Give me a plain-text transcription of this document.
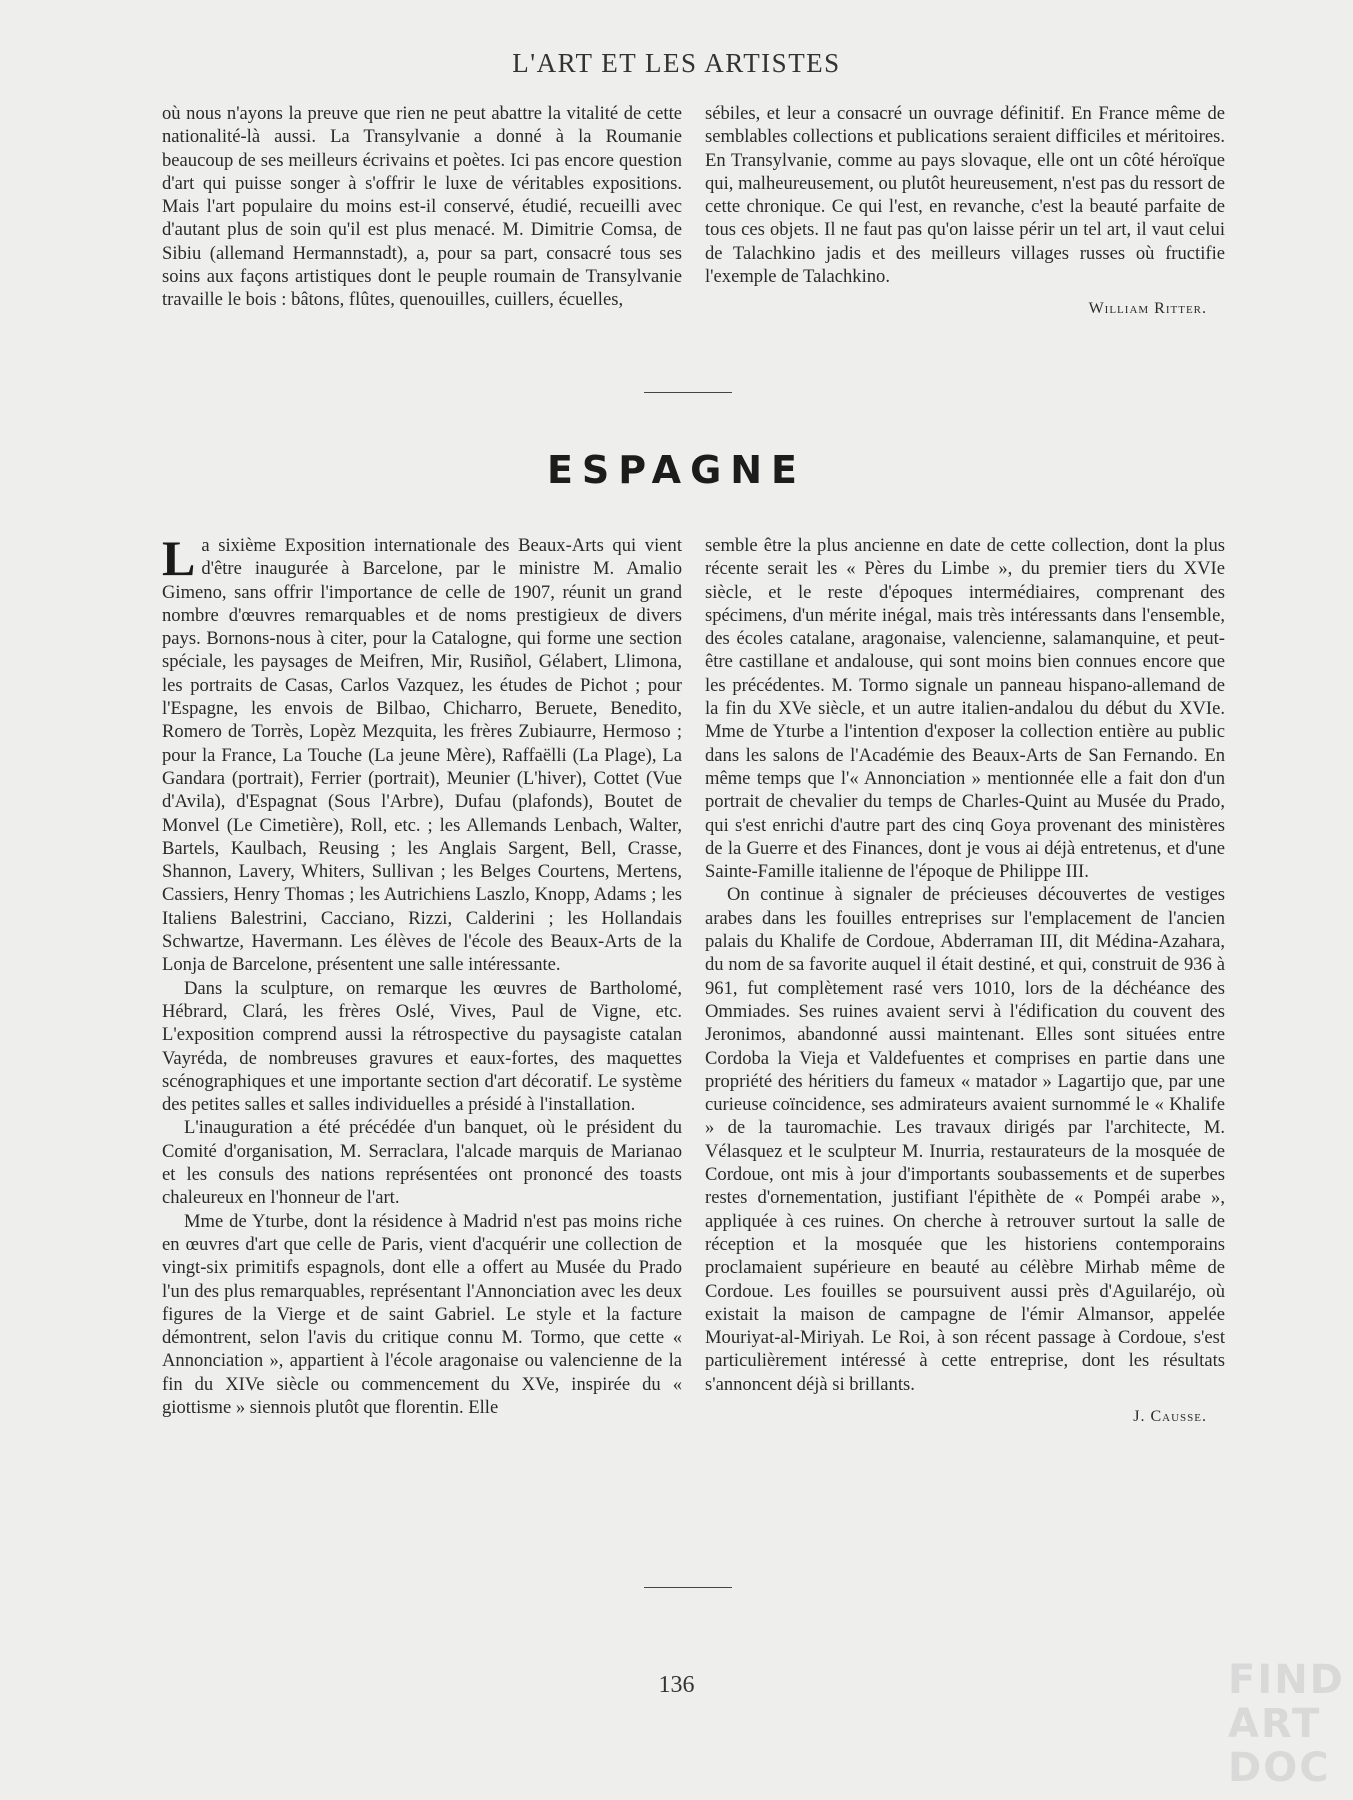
L'ART ET LES ARTISTES

où nous n'ayons la preuve que rien ne peut abattre la vitalité de cette nationalité-là aussi. La Transylvanie a donné à la Roumanie beaucoup de ses meilleurs écrivains et poètes. Ici pas encore question d'art qui puisse songer à s'offrir le luxe de véritables expositions. Mais l'art populaire du moins est-il conservé, étudié, recueilli avec d'autant plus de soin qu'il est plus menacé. M. Dimitrie Comsa, de Sibiu (allemand Hermannstadt), a, pour sa part, consacré tous ses soins aux façons artistiques dont le peuple roumain de Transylvanie travaille le bois : bâtons, flûtes, quenouilles, cuillers, écuelles,

sébiles, et leur a consacré un ouvrage définitif. En France même de semblables collections et publications seraient difficiles et méritoires. En Transylvanie, comme au pays slovaque, elle ont un côté héroïque qui, malheureusement, ou plutôt heureusement, n'est pas du ressort de cette chronique. Ce qui l'est, en revanche, c'est la beauté parfaite de tous ces objets. Il ne faut pas qu'on laisse périr un tel art, il vaut celui de Talachkino jadis et des meilleurs villages russes où fructifie l'exemple de Talachkino.

William Ritter.

ESPAGNE

La sixième Exposition internationale des Beaux-Arts qui vient d'être inaugurée à Barcelone, par le ministre M. Amalio Gimeno, sans offrir l'importance de celle de 1907, réunit un grand nombre d'œuvres remarquables et de noms prestigieux de divers pays. Bornons-nous à citer, pour la Catalogne, qui forme une section spéciale, les paysages de Meifren, Mir, Rusiñol, Gélabert, Llimona, les portraits de Casas, Carlos Vazquez, les études de Pichot ; pour l'Espagne, les envois de Bilbao, Chicharro, Beruete, Benedito, Romero de Torrès, Lopèz Mezquita, les frères Zubiaurre, Hermoso ; pour la France, La Touche (La jeune Mère), Raffaëlli (La Plage), La Gandara (portrait), Ferrier (portrait), Meunier (L'hiver), Cottet (Vue d'Avila), d'Espagnat (Sous l'Arbre), Dufau (plafonds), Boutet de Monvel (Le Cimetière), Roll, etc. ; les Allemands Lenbach, Walter, Bartels, Kaulbach, Reusing ; les Anglais Sargent, Bell, Crasse, Shannon, Lavery, Whiters, Sullivan ; les Belges Courtens, Mertens, Cassiers, Henry Thomas ; les Autrichiens Laszlo, Knopp, Adams ; les Italiens Balestrini, Cacciano, Rizzi, Calderini ; les Hollandais Schwartze, Havermann. Les élèves de l'école des Beaux-Arts de la Lonja de Barcelone, présentent une salle intéressante.

Dans la sculpture, on remarque les œuvres de Bartholomé, Hébrard, Clará, les frères Oslé, Vives, Paul de Vigne, etc. L'exposition comprend aussi la rétrospective du paysagiste catalan Vayréda, de nombreuses gravures et eaux-fortes, des maquettes scénographiques et une importante section d'art décoratif. Le système des petites salles et salles individuelles a présidé à l'installation.

L'inauguration a été précédée d'un banquet, où le président du Comité d'organisation, M. Serraclara, l'alcade marquis de Marianao et les consuls des nations représentées ont prononcé des toasts chaleureux en l'honneur de l'art.

Mme de Yturbe, dont la résidence à Madrid n'est pas moins riche en œuvres d'art que celle de Paris, vient d'acquérir une collection de vingt-six primitifs espagnols, dont elle a offert au Musée du Prado l'un des plus remarquables, représentant l'Annonciation avec les deux figures de la Vierge et de saint Gabriel. Le style et la facture démontrent, selon l'avis du critique connu M. Tormo, que cette « Annonciation », appartient à l'école aragonaise ou valencienne de la fin du XIVe siècle ou commencement du XVe, inspirée du « giottisme » siennois plutôt que florentin. Elle

semble être la plus ancienne en date de cette collection, dont la plus récente serait les « Pères du Limbe », du premier tiers du XVIe siècle, et le reste d'époques intermédiaires, comprenant des spécimens, d'un mérite inégal, mais très intéressants dans l'ensemble, des écoles catalane, aragonaise, valencienne, salamanquine, et peut-être castillane et andalouse, qui sont moins bien connues encore que les précédentes. M. Tormo signale un panneau hispano-allemand de la fin du XVe siècle, et un autre italien-andalou du début du XVIe. Mme de Yturbe a l'intention d'exposer la collection entière au public dans les salons de l'Académie des Beaux-Arts de San Fernando. En même temps que l'« Annonciation » mentionnée elle a fait don d'un portrait de chevalier du temps de Charles-Quint au Musée du Prado, qui s'est enrichi d'autre part des cinq Goya provenant des ministères de la Guerre et des Finances, dont je vous ai déjà entretenus, et d'une Sainte-Famille italienne de l'époque de Philippe III.

On continue à signaler de précieuses découvertes de vestiges arabes dans les fouilles entreprises sur l'emplacement de l'ancien palais du Khalife de Cordoue, Abderraman III, dit Médina-Azahara, du nom de sa favorite auquel il était destiné, et qui, construit de 936 à 961, fut complètement rasé vers 1010, lors de la déchéance des Ommiades. Ses ruines avaient servi à l'édification du couvent des Jeronimos, abandonné aussi maintenant. Elles sont situées entre Cordoba la Vieja et Valdefuentes et comprises en partie dans une propriété des héritiers du fameux « matador » Lagartijo que, par une curieuse coïncidence, ses admirateurs avaient surnommé le « Khalife » de la tauromachie. Les travaux dirigés par l'architecte, M. Vélasquez et le sculpteur M. Inurria, restaurateurs de la mosquée de Cordoue, ont mis à jour d'importants soubassements et de superbes restes d'ornementation, justifiant l'épithète de « Pompéi arabe », appliquée à ces ruines. On cherche à retrouver surtout la salle de réception et la mosquée que les historiens contemporains proclamaient supérieure en beauté au célèbre Mirhab même de Cordoue. Les fouilles se poursuivent aussi près d'Aguilaréjo, où existait la maison de campagne de l'émir Almansor, appelée Mouriyat-al-Miriyah. Le Roi, à son récent passage à Cordoue, s'est particulièrement intéressé à cette entreprise, dont les résultats s'annoncent déjà si brillants.

J. Causse.

136	FIND
ART
DOC
